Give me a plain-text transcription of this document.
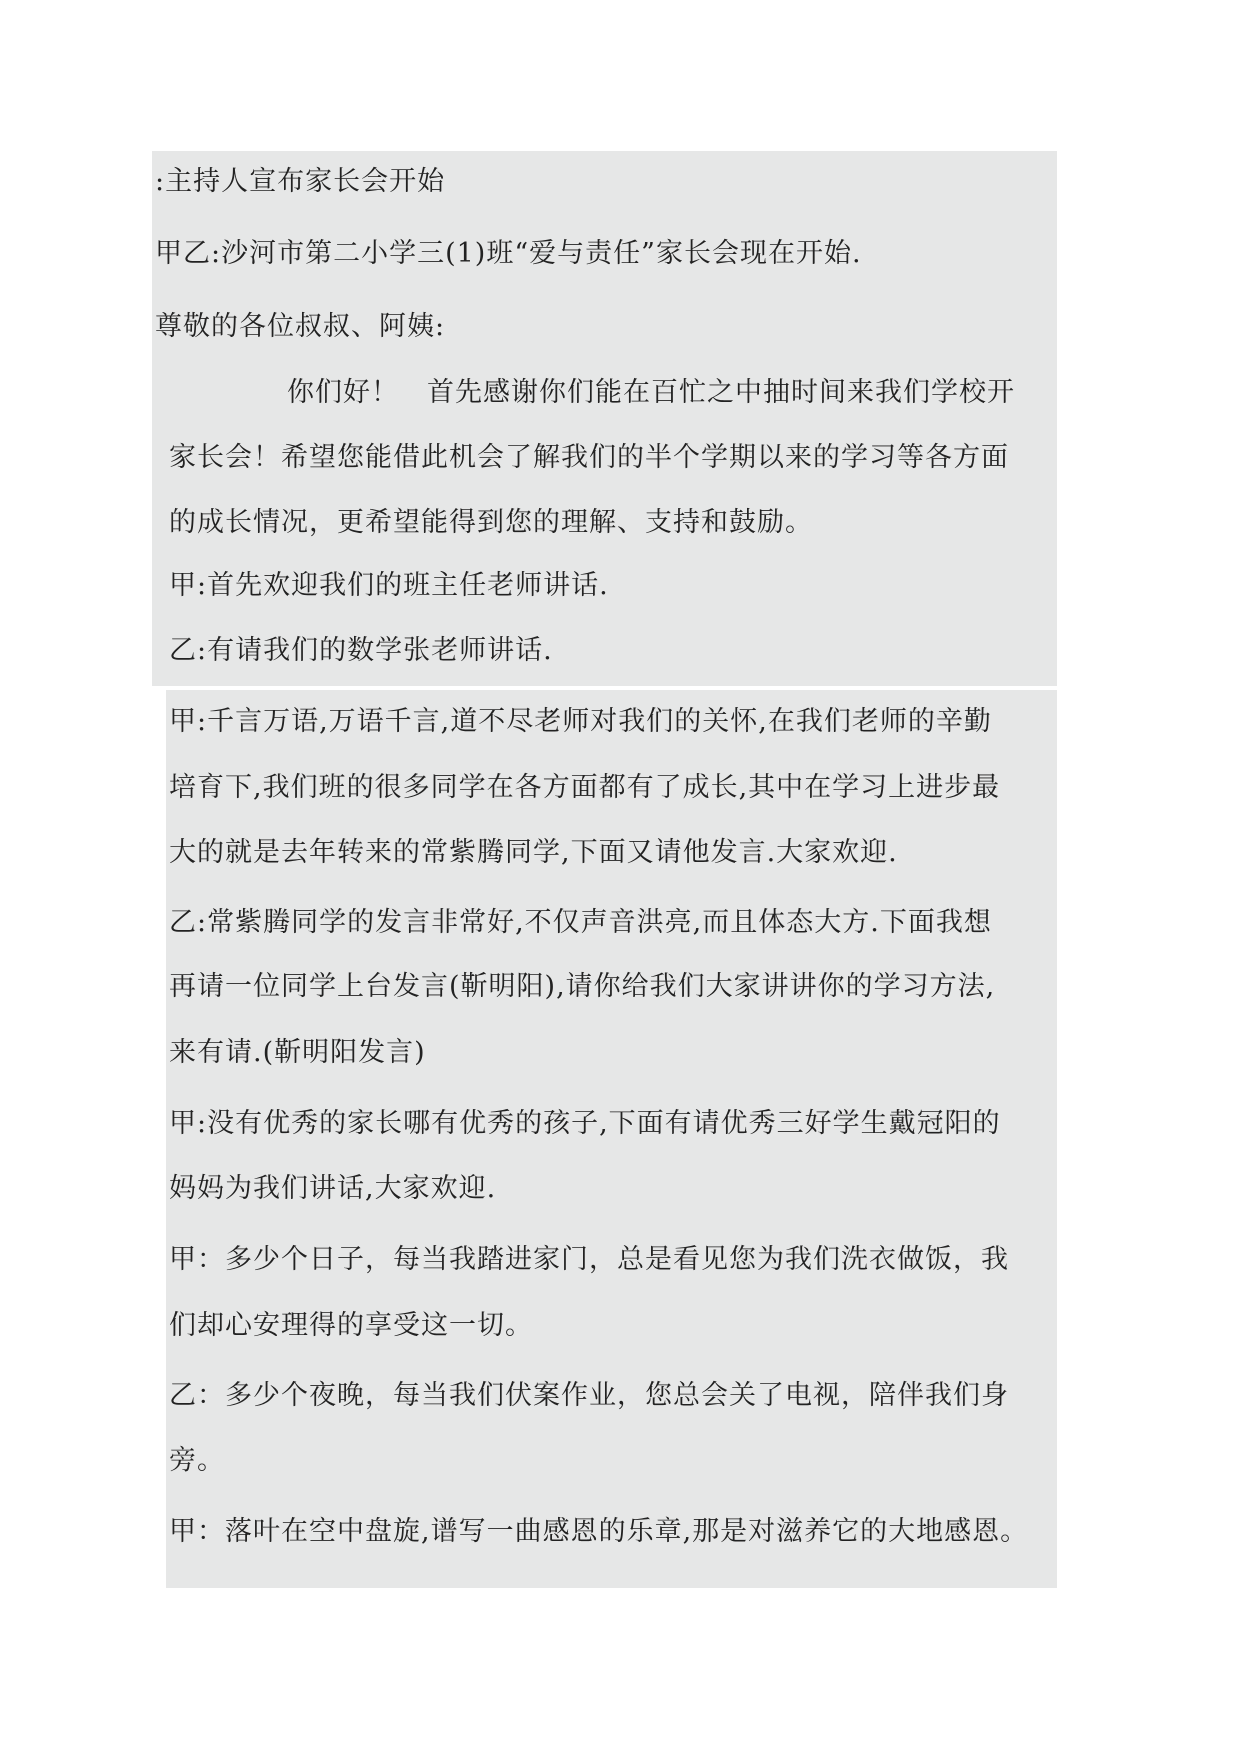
:主持人宣布家长会开始
甲乙:沙河市第二小学三(1)班“爱与责任”家长会现在开始.
尊敬的各位叔叔、阿姨:
你们好！　首先感谢你们能在百忙之中抽时间来我们学校开
家长会！希望您能借此机会了解我们的半个学期以来的学习等各方面
的成长情况，更希望能得到您的理解、支持和鼓励。
甲:首先欢迎我们的班主任老师讲话.
乙:有请我们的数学张老师讲话.
甲:千言万语,万语千言,道不尽老师对我们的关怀,在我们老师的辛勤
培育下,我们班的很多同学在各方面都有了成长,其中在学习上进步最
大的就是去年转来的常紫腾同学,下面又请他发言.大家欢迎.
乙:常紫腾同学的发言非常好,不仅声音洪亮,而且体态大方.下面我想
再请一位同学上台发言(靳明阳),请你给我们大家讲讲你的学习方法,
来有请.(靳明阳发言)
甲:没有优秀的家长哪有优秀的孩子,下面有请优秀三好学生戴冠阳的
妈妈为我们讲话,大家欢迎.
甲：多少个日子，每当我踏进家门，总是看见您为我们洗衣做饭，我
们却心安理得的享受这一切。
乙：多少个夜晚，每当我们伏案作业，您总会关了电视，陪伴我们身
旁。
甲：落叶在空中盘旋,谱写一曲感恩的乐章,那是对滋养它的大地感恩。
